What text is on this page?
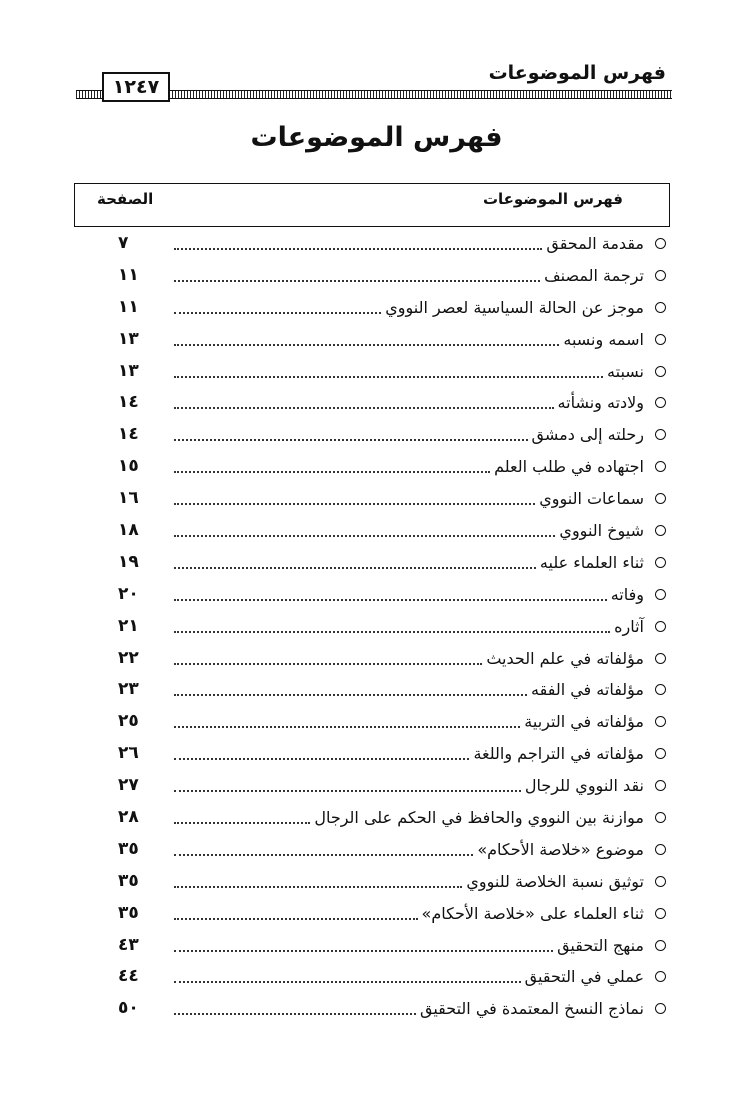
فهرس الموضوعات
١٢٤٧
فهرس الموضوعات
فهرس الموضوعات
الصفحة
مقدمة المحقق
٧
ترجمة المصنف
١١
موجز عن الحالة السياسية لعصر النووي
١١
اسمه ونسبه
١٣
نسبته
١٣
ولادته ونشأته
١٤
رحلته إلى دمشق
١٤
اجتهاده في طلب العلم
١٥
سماعات النووي
١٦
شيوخ النووي
١٨
ثناء العلماء عليه
١٩
وفاته
٢٠
آثاره
٢١
مؤلفاته في علم الحديث
٢٢
مؤلفاته في الفقه
٢٣
مؤلفاته في التربية
٢٥
مؤلفاته في التراجم واللغة
٢٦
نقد النووي للرجال
٢٧
موازنة بين النووي والحافظ في الحكم على الرجال
٢٨
موضوع «خلاصة الأحكام»
٣٥
توثيق نسبة الخلاصة للنووي
٣٥
ثناء العلماء على «خلاصة الأحكام»
٣٥
منهج التحقيق
٤٣
عملي في التحقيق
٤٤
نماذج النسخ المعتمدة في التحقيق
٥٠
